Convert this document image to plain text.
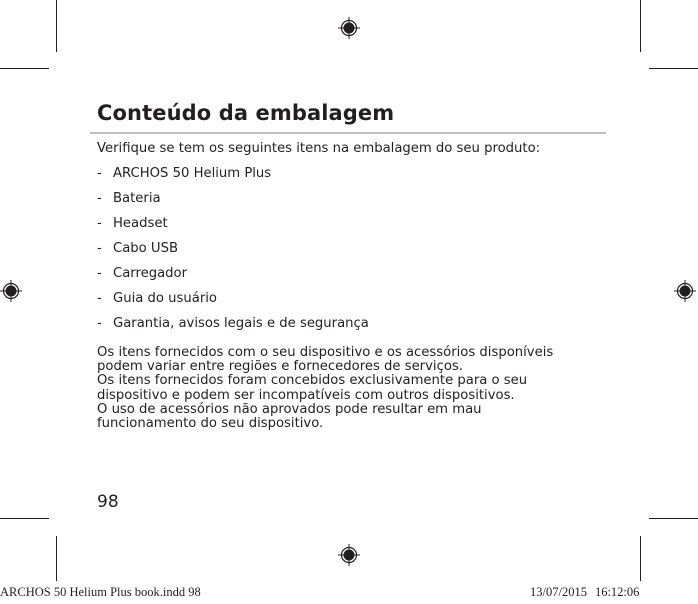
Conteúdo da embalagem
Verifique se tem os seguintes itens na embalagem do seu produto:
- ARCHOS 50 Helium Plus
- Bateria
- Headset
- Cabo USB
- Carregador
- Guia do usuário
- Garantia, avisos legais e de segurança
Os itens fornecidos com o seu dispositivo e os acessórios disponíveis
podem variar entre regiões e fornecedores de serviços.
Os itens fornecidos foram concebidos exclusivamente para o seu
dispositivo e podem ser incompatíveis com outros dispositivos.
O uso de acessórios não aprovados pode resultar em mau
funcionamento do seu dispositivo.
98
ARCHOS 50 Helium Plus book.indd 98	13/07/2015 16:12:06
